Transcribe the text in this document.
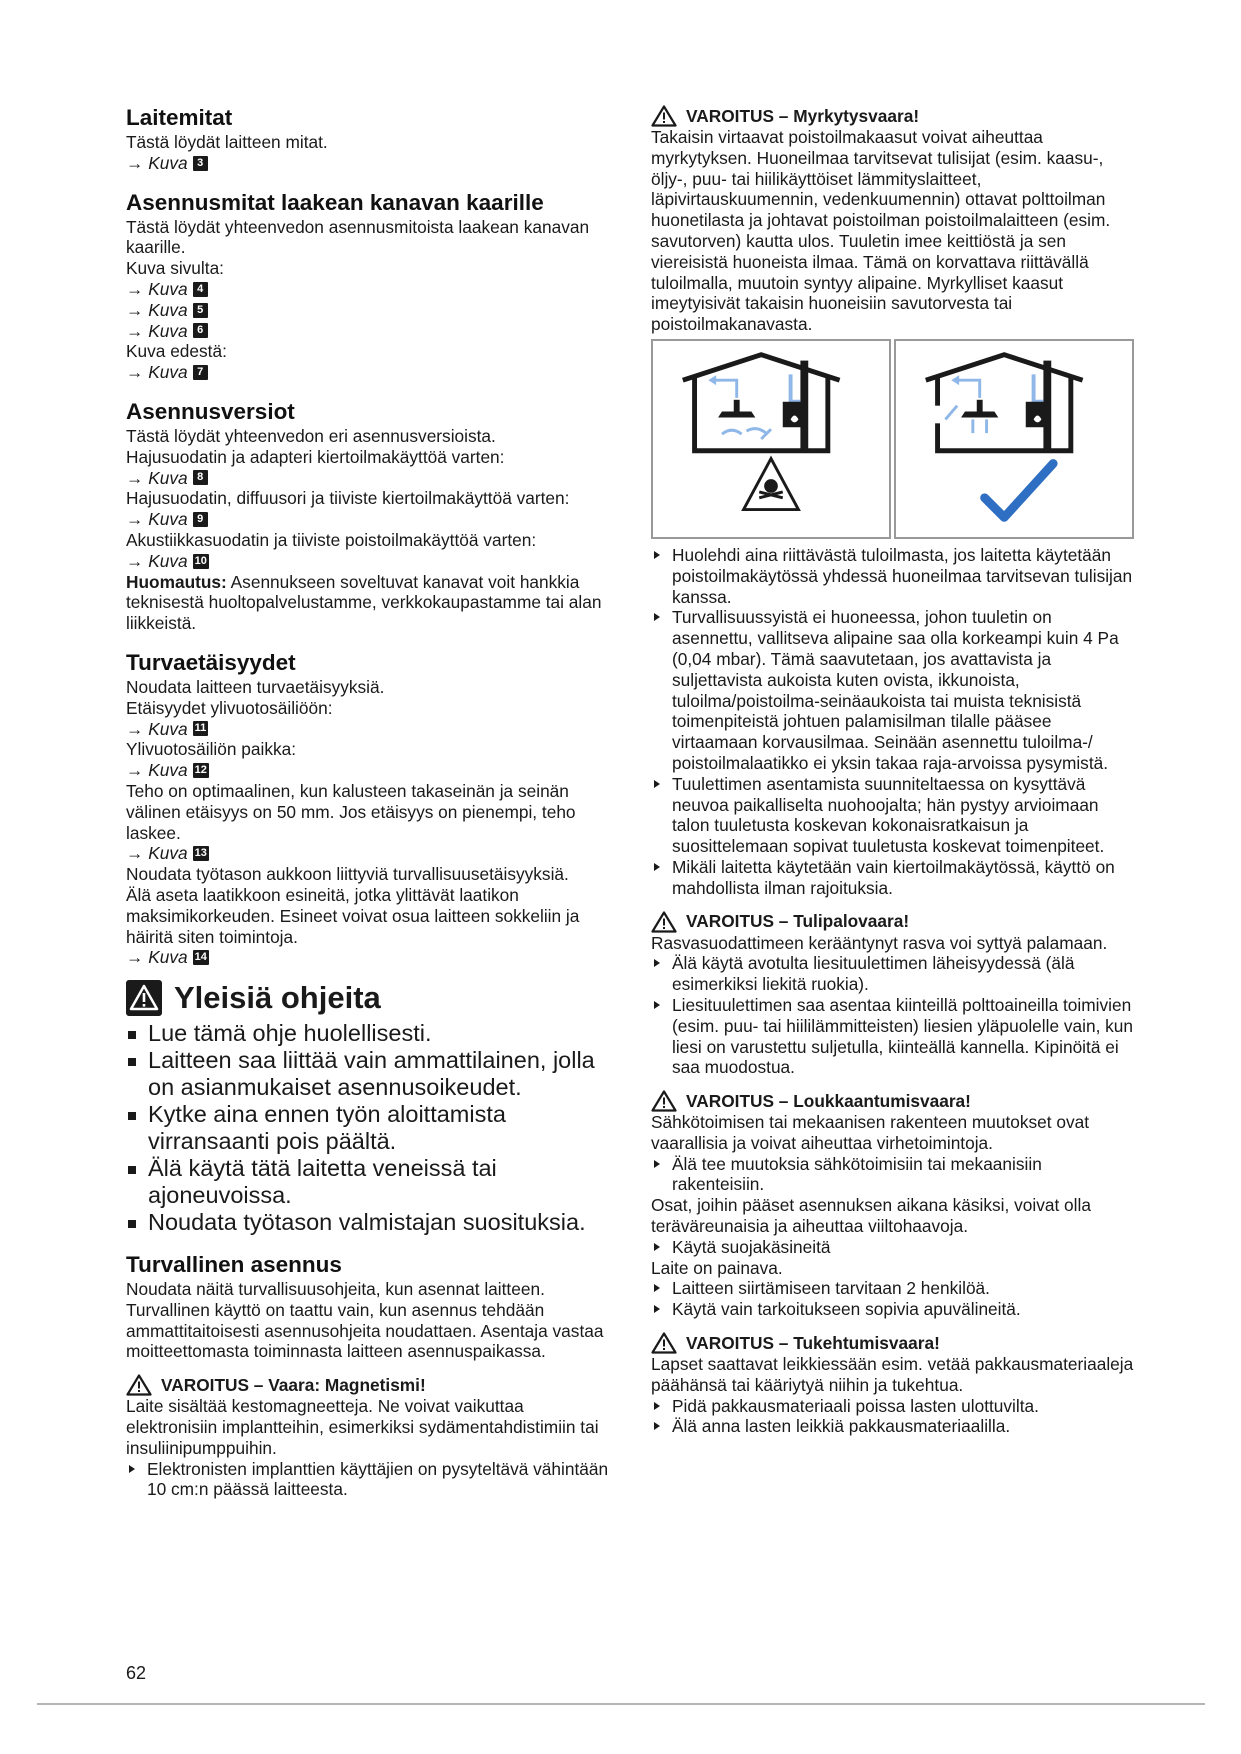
Laitemitat

Tästä löydät laitteen mitat.

→ Kuva 3
Asennusmitat laakean kanavan kaarille

Tästä löydät yhteenvedon asennusmitoista laakean kanavan kaarille.

Kuva sivulta:

→ Kuva 4
→ Kuva 5
→ Kuva 6

Kuva edestä:

→ Kuva 7
Asennusversiot

Tästä löydät yhteenvedon eri asennusversioista.

Hajusuodatin ja adapteri kiertoilmakäyttöä varten:

→ Kuva 8

Hajusuodatin, diffuusori ja tiiviste kiertoilmakäyttöä varten:

→ Kuva 9

Akustiikkasuodatin ja tiiviste poistoilmakäyttöä varten:

→ Kuva 10

Huomautus: Asennukseen soveltuvat kanavat voit hankkia teknisestä huoltopalvelustamme, verkkokaupastamme tai alan liikkeistä.

Turvaetäisyydet

Noudata laitteen turvaetäisyyksiä.

Etäisyydet ylivuotosäiliöön:

→ Kuva 11

Ylivuotosäiliön paikka:

→ Kuva 12

Teho on optimaalinen, kun kalusteen takaseinän ja seinän välinen etäisyys on 50 mm. Jos etäisyys on pienempi, teho laskee.

→ Kuva 13

Noudata työtason aukkoon liittyviä turvallisuusetäisyyksiä.

Älä aseta laatikkoon esineitä, jotka ylittävät laatikon maksimikorkeuden. Esineet voivat osua laitteen sokkeliin ja häiritä siten toimintoja.

→ Kuva 14
Yleisiä ohjeita
Lue tämä ohje huolellisesti.
Laitteen saa liittää vain ammattilainen, jolla on asianmukaiset asennusoikeudet.
Kytke aina ennen työn aloittamista virransaanti pois päältä.
Älä käytä tätä laitetta veneissä tai ajoneuvoissa.
Noudata työtason valmistajan suosituksia.
Turvallinen asennus

Noudata näitä turvallisuusohjeita, kun asennat laitteen.

Turvallinen käyttö on taattu vain, kun asennus tehdään ammattitaitoisesti asennusohjeita noudattaen. Asentaja vastaa moitteettomasta toiminnasta laitteen asennuspaikassa.

VAROITUS – Vaara: Magnetismi!

Laite sisältää kestomagneetteja. Ne voivat vaikuttaa elektronisiin implantteihin, esimerkiksi sydämentahdistimiin tai insuliinipumppuihin.

Elektronisten implanttien käyttäjien on pysyteltävä vähintään 10 cm:n päässä laitteesta.
VAROITUS – Myrkytysvaara!

Takaisin virtaavat poistoilmakaasut voivat aiheuttaa myrkytyksen. Huoneilmaa tarvitsevat tulisijat (esim. kaasu-, öljy-, puu- tai hiilikäyttöiset lämmityslaitteet, läpivirtauskuumennin, vedenkuumennin) ottavat polttoilman huonetilasta ja johtavat poistoilman poistoilmalaitteen (esim. savutorven) kautta ulos. Tuuletin imee keittiöstä ja sen viereisistä huoneista ilmaa. Tämä on korvattava riittävällä tuloilmalla, muutoin syntyy alipaine. Myrkylliset kaasut imeytyisivät takaisin huoneisiin savutorvesta tai poistoilmakanavasta.

Huolehdi aina riittävästä tuloilmasta, jos laitetta käytetään poistoilmakäytössä yhdessä huoneilmaa tarvitsevan tulisijan kanssa.
Turvallisuussyistä ei huoneessa, johon tuuletin on asennettu, vallitseva alipaine saa olla korkeampi kuin 4 Pa (0,04 mbar). Tämä saavutetaan, jos avattavista ja suljettavista aukoista kuten ovista, ikkunoista, tuloilma/poistoilma-seinäaukoista tai muista teknisistä toimenpiteistä johtuen palamisilman tilalle pääsee virtaamaan korvausilmaa. Seinään asennettu tuloilma-/ poistoilmalaatikko ei yksin takaa raja-arvoissa pysymistä.
Tuulettimen asentamista suunniteltaessa on kysyttävä neuvoa paikalliselta nuohoojalta; hän pystyy arvioimaan talon tuuletusta koskevan kokonaisratkaisun ja suosittelemaan sopivat tuuletusta koskevat toimenpiteet.
Mikäli laitetta käytetään vain kiertoilmakäytössä, käyttö on mahdollista ilman rajoituksia.
VAROITUS – Tulipalovaara!

Rasvasuodattimeen kerääntynyt rasva voi syttyä palamaan.

Älä käytä avotulta liesituulettimen läheisyydessä (älä esimerkiksi liekitä ruokia).
Liesituulettimen saa asentaa kiinteillä polttoaineilla toimivien (esim. puu- tai hiililämmitteisten) liesien yläpuolelle vain, kun liesi on varustettu suljetulla, kiinteällä kannella. Kipinöitä ei saa muodostua.
VAROITUS – Loukkaantumisvaara!

Sähkötoimisen tai mekaanisen rakenteen muutokset ovat vaarallisia ja voivat aiheuttaa virhetoimintoja.

Älä tee muutoksia sähkötoimisiin tai mekaanisiin rakenteisiin.

Osat, joihin pääset asennuksen aikana käsiksi, voivat olla teräväreunaisia ja aiheuttaa viiltohaavoja.

Käytä suojakäsineitä

Laite on painava.

Laitteen siirtämiseen tarvitaan 2 henkilöä.
Käytä vain tarkoitukseen sopivia apuvälineitä.
VAROITUS – Tukehtumisvaara!

Lapset saattavat leikkiessään esim. vetää pakkausmateriaaleja päähänsä tai kääriytyä niihin ja tukehtua.

Pidä pakkausmateriaali poissa lasten ulottuvilta.
Älä anna lasten leikkiä pakkausmateriaalilla.
62
